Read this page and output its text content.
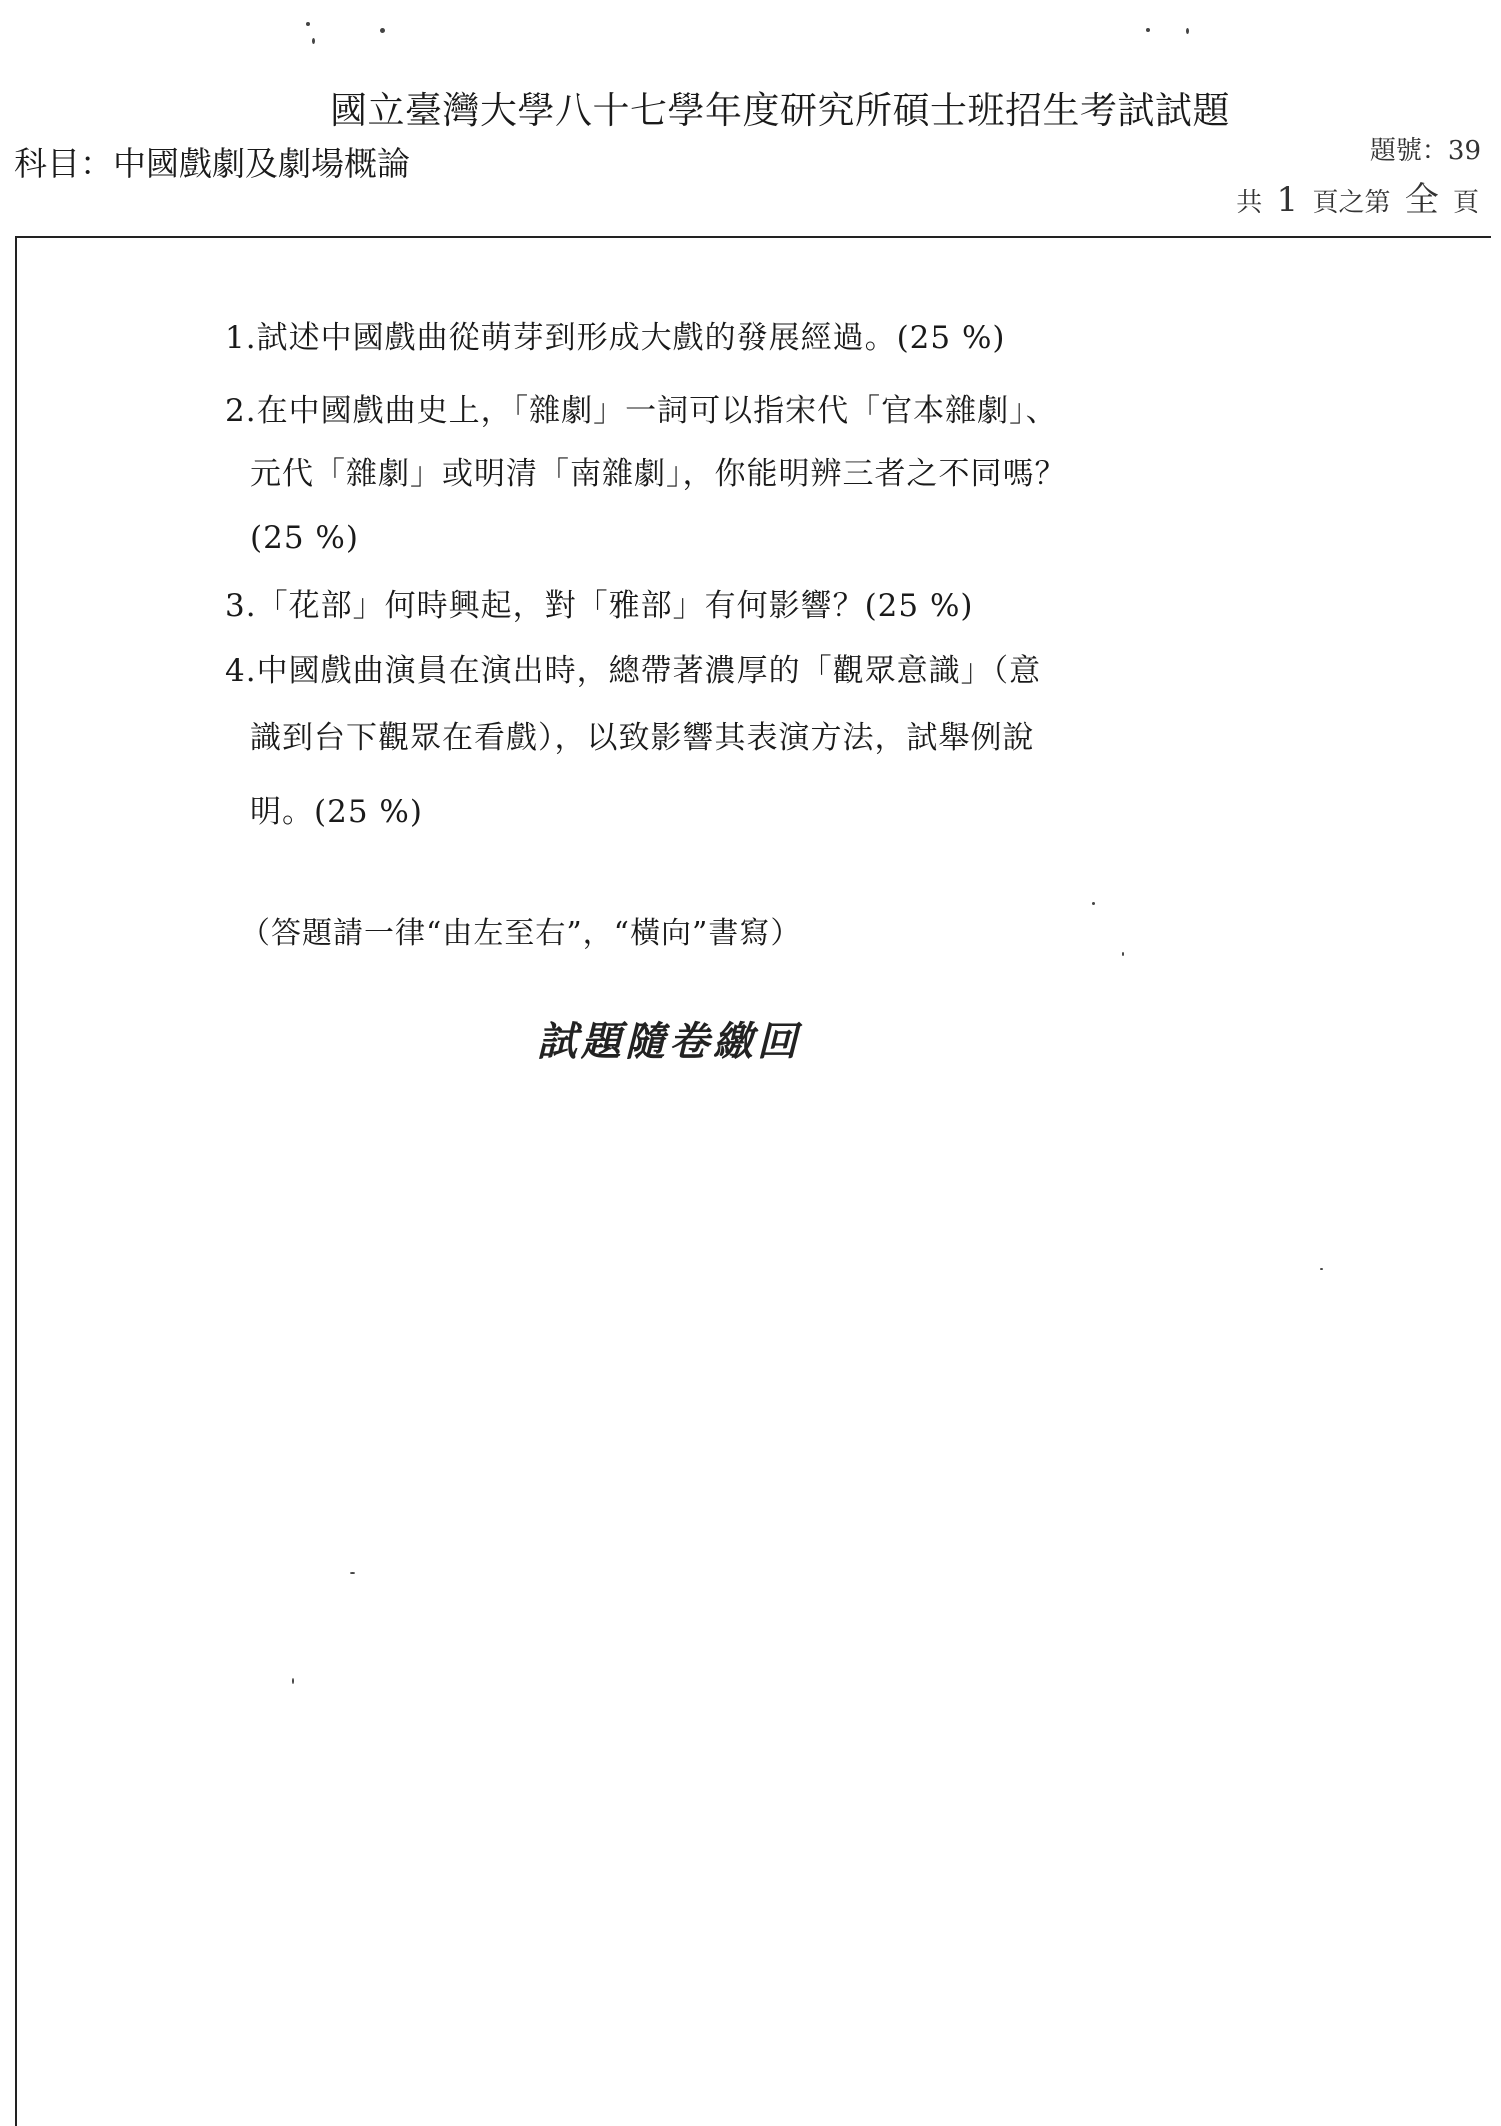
國立臺灣大學八十七學年度研究所碩士班招生考試試題
科目：中國戲劇及劇場概論	題號：39
共 1 頁之第 全 頁
1.試述中國戲曲從萌芽到形成大戲的發展經過。(25 %)
2.在中國戲曲史上，「雜劇」一詞可以指宋代「官本雜劇」、
元代「雜劇」或明清「南雜劇」，你能明辨三者之不同嗎？
(25 %)
3.「花部」何時興起，對「雅部」有何影響？(25 %)
4.中國戲曲演員在演出時，總帶著濃厚的「觀眾意識」（意
識到台下觀眾在看戲），以致影響其表演方法，試舉例說
明。(25 %)
（答題請一律“由左至右”，“橫向”書寫）
試題隨卷繳回
